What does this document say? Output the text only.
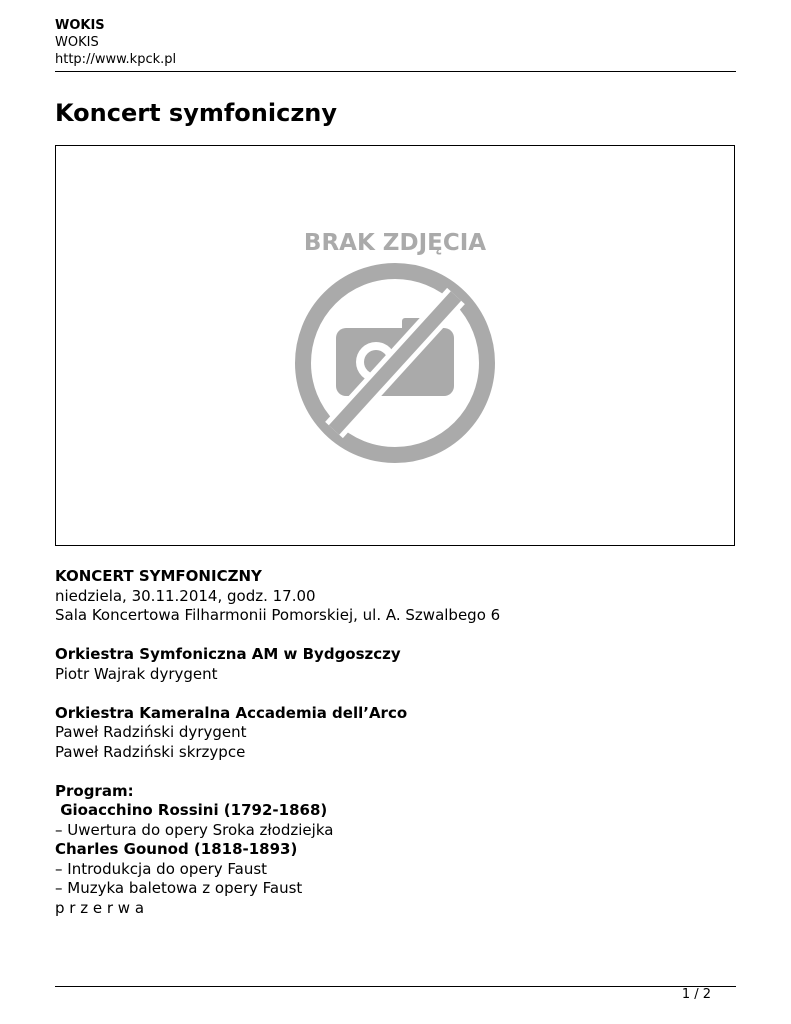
WOKIS
WOKIS
http://www.kpck.pl
Koncert symfoniczny
BRAK ZDJĘCIA
KONCERT SYMFONICZNY
niedziela, 30.11.2014, godz. 17.00
Sala Koncertowa Filharmonii Pomorskiej, ul. A. Szwalbego 6
Orkiestra Symfoniczna AM w Bydgoszczy
Piotr Wajrak dyrygent
Orkiestra Kameralna Accademia dell’Arco
Paweł Radziński dyrygent
Paweł Radziński skrzypce
Program:
Gioacchino Rossini (1792-1868)
– Uwertura do opery Sroka złodziejka
Charles Gounod (1818-1893)
– Introdukcja do opery Faust
– Muzyka baletowa z opery Faust
p r z e r w a
1 / 2
